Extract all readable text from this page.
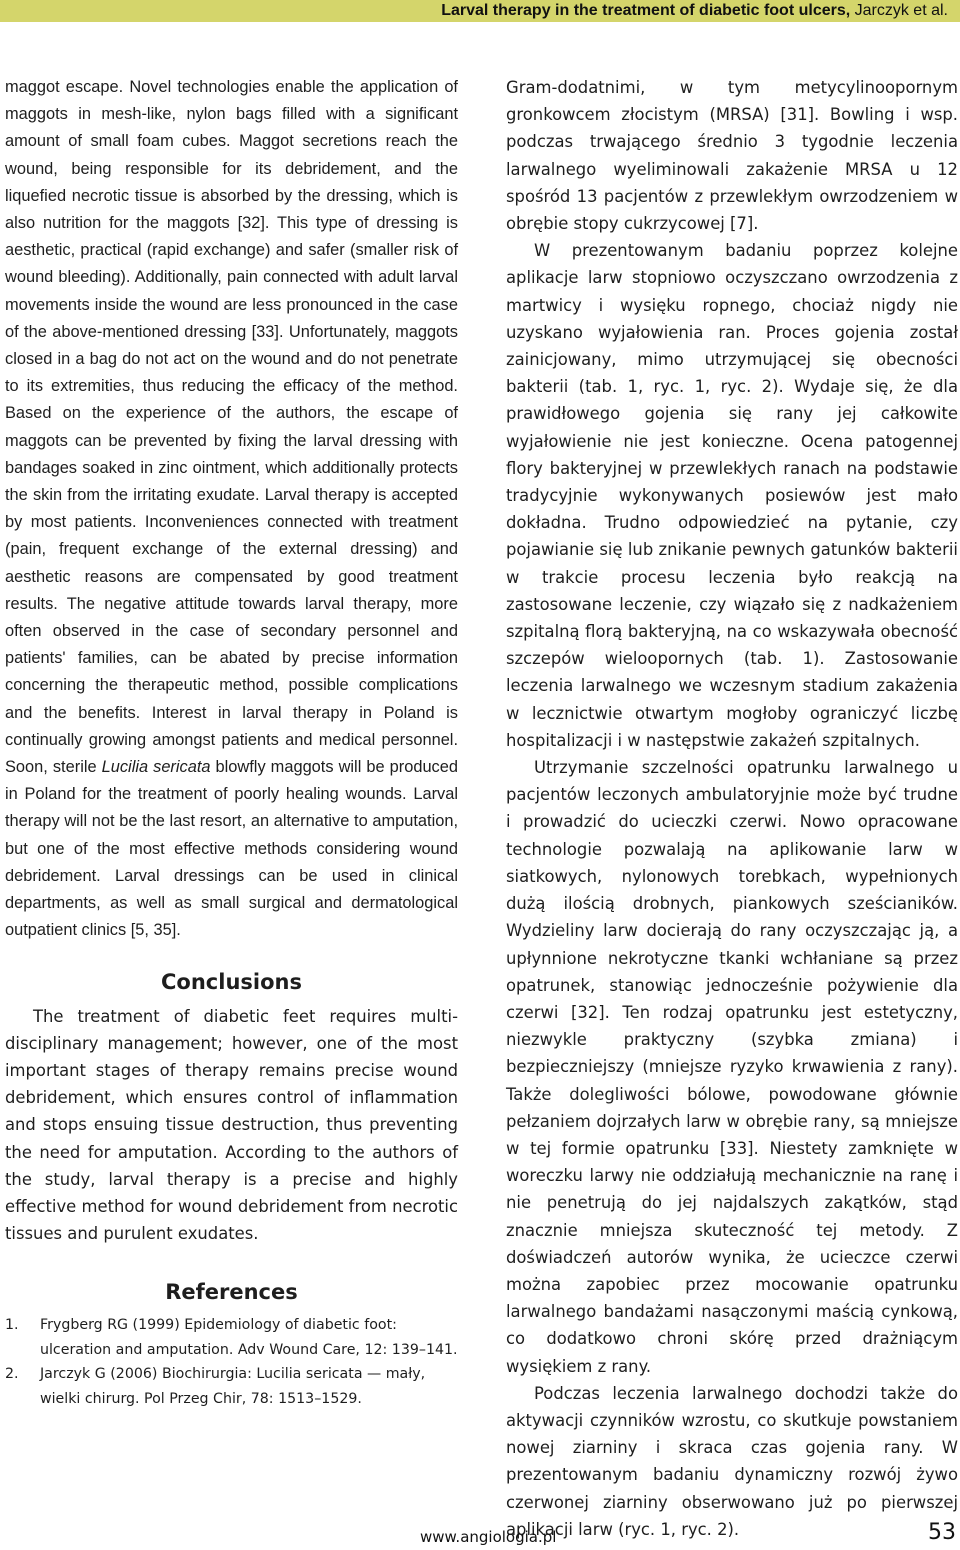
Larval therapy in the treatment of diabetic foot ulcers, Jarczyk et al.

maggot escape. Novel technologies enable the application of maggots in mesh-like, nylon bags filled with a significant amount of small foam cubes. Maggot secretions reach the wound, being responsible for its debridement, and the liquefied necrotic tissue is absorbed by the dressing, which is also nutrition for the maggots [32]. This type of dressing is aesthetic, practical (rapid exchange) and safer (smaller risk of wound bleeding). Additionally, pain connected with adult larval movements inside the wound are less pronounced in the case of the above-mentioned dressing [33]. Unfortunately, maggots closed in a bag do not act on the wound and do not penetrate to its extremities, thus reducing the efficacy of the method. Based on the experience of the authors, the escape of maggots can be prevented by fixing the larval dressing with bandages soaked in zinc ointment, which additionally protects the skin from the irritating exudate. Larval therapy is accepted by most patients. Inconveniences connected with treatment (pain, frequent exchange of the external dressing) and aesthetic reasons are compensated by good treatment results. The negative attitude towards larval therapy, more often observed in the case of secondary personnel and patients' families, can be abated by precise information concerning the therapeutic method, possible complications and the benefits. Interest in larval therapy in Poland is continually growing amongst patients and medical personnel. Soon, sterile Lucilia sericata blowfly maggots will be produced in Poland for the treatment of poorly healing wounds. Larval therapy will not be the last resort, an alternative to amputation, but one of the most effective methods considering wound debridement. Larval dressings can be used in clinical departments, as well as small surgical and dermatological outpatient clinics [5, 35].

Conclusions

The treatment of diabetic feet requires multi-disciplinary management; however, one of the most important stages of therapy remains precise wound debridement, which ensures control of inflammation and stops ensuing tissue destruction, thus preventing the need for amputation. According to the authors of the study, larval therapy is a precise and highly effective method for wound debridement from necrotic tissues and purulent exudates.

References
1. Frygberg RG (1999) Epidemiology of diabetic foot: ulceration and amputation. Adv Wound Care, 12: 139–141.
2. Jarczyk G (2006) Biochirurgia: Lucilia sericata — mały, wielki chirurg. Pol Przeg Chir, 78: 1513–1529.

Gram-dodatnimi, w tym metycylinoopornym gronkowcem złocistym (MRSA) [31]. Bowling i wsp. podczas trwającego średnio 3 tygodnie leczenia larwalnego wyeliminowali zakażenie MRSA u 12 spośród 13 pacjentów z przewlekłym owrzodzeniem w obrębie stopy cukrzycowej [7].

W prezentowanym badaniu poprzez kolejne aplikacje larw stopniowo oczyszczano owrzodzenia z martwicy i wysięku ropnego, chociaż nigdy nie uzyskano wyjałowienia ran. Proces gojenia został zainicjowany, mimo utrzymującej się obecności bakterii (tab. 1, ryc. 1, ryc. 2). Wydaje się, że dla prawidłowego gojenia się rany jej całkowite wyjałowienie nie jest konieczne. Ocena patogennej flory bakteryjnej w przewlekłych ranach na podstawie tradycyjnie wykonywanych posiewów jest mało dokładna. Trudno odpowiedzieć na pytanie, czy pojawianie się lub znikanie pewnych gatunków bakterii w trakcie procesu leczenia było reakcją na zastosowane leczenie, czy wiązało się z nadkażeniem szpitalną florą bakteryjną, na co wskazywała obecność szczepów wieloopornych (tab. 1). Zastosowanie leczenia larwalnego we wczesnym stadium zakażenia w lecznictwie otwartym mogłoby ograniczyć liczbę hospitalizacji i w następstwie zakażeń szpitalnych.

Utrzymanie szczelności opatrunku larwalnego u pacjentów leczonych ambulatoryjnie może być trudne i prowadzić do ucieczki czerwi. Nowo opracowane technologie pozwalają na aplikowanie larw w siatkowych, nylonowych torebkach, wypełnionych dużą ilością drobnych, piankowych sześcianików. Wydzieliny larw docierają do rany oczyszczając ją, a upłynnione nekrotyczne tkanki wchłaniane są przez opatrunek, stanowiąc jednocześnie pożywienie dla czerwi [32]. Ten rodzaj opatrunku jest estetyczny, niezwykle praktyczny (szybka zmiana) i bezpieczniejszy (mniejsze ryzyko krwawienia z rany). Także dolegliwości bólowe, powodowane głównie pełzaniem dojrzałych larw w obrębie rany, są mniejsze w tej formie opatrunku [33]. Niestety zamknięte w woreczku larwy nie oddziałują mechanicznie na ranę i nie penetrują do jej najdalszych zakątków, stąd znacznie mniejsza skuteczność tej metody. Z doświadczeń autorów wynika, że ucieczce czerwi można zapobiec przez mocowanie opatrunku larwalnego bandażami nasączonymi maścią cynkową, co dodatkowo chroni skórę przed drażniącym wysiękiem z rany.

Podczas leczenia larwalnego dochodzi także do aktywacji czynników wzrostu, co skutkuje powstaniem nowej ziarniny i skraca czas gojenia rany. W prezentowanym badaniu dynamiczny rozwój żywo czerwonej ziarniny obserwowano już po pierwszej aplikacji larw (ryc. 1, ryc. 2).

www.angiologia.pl	53
